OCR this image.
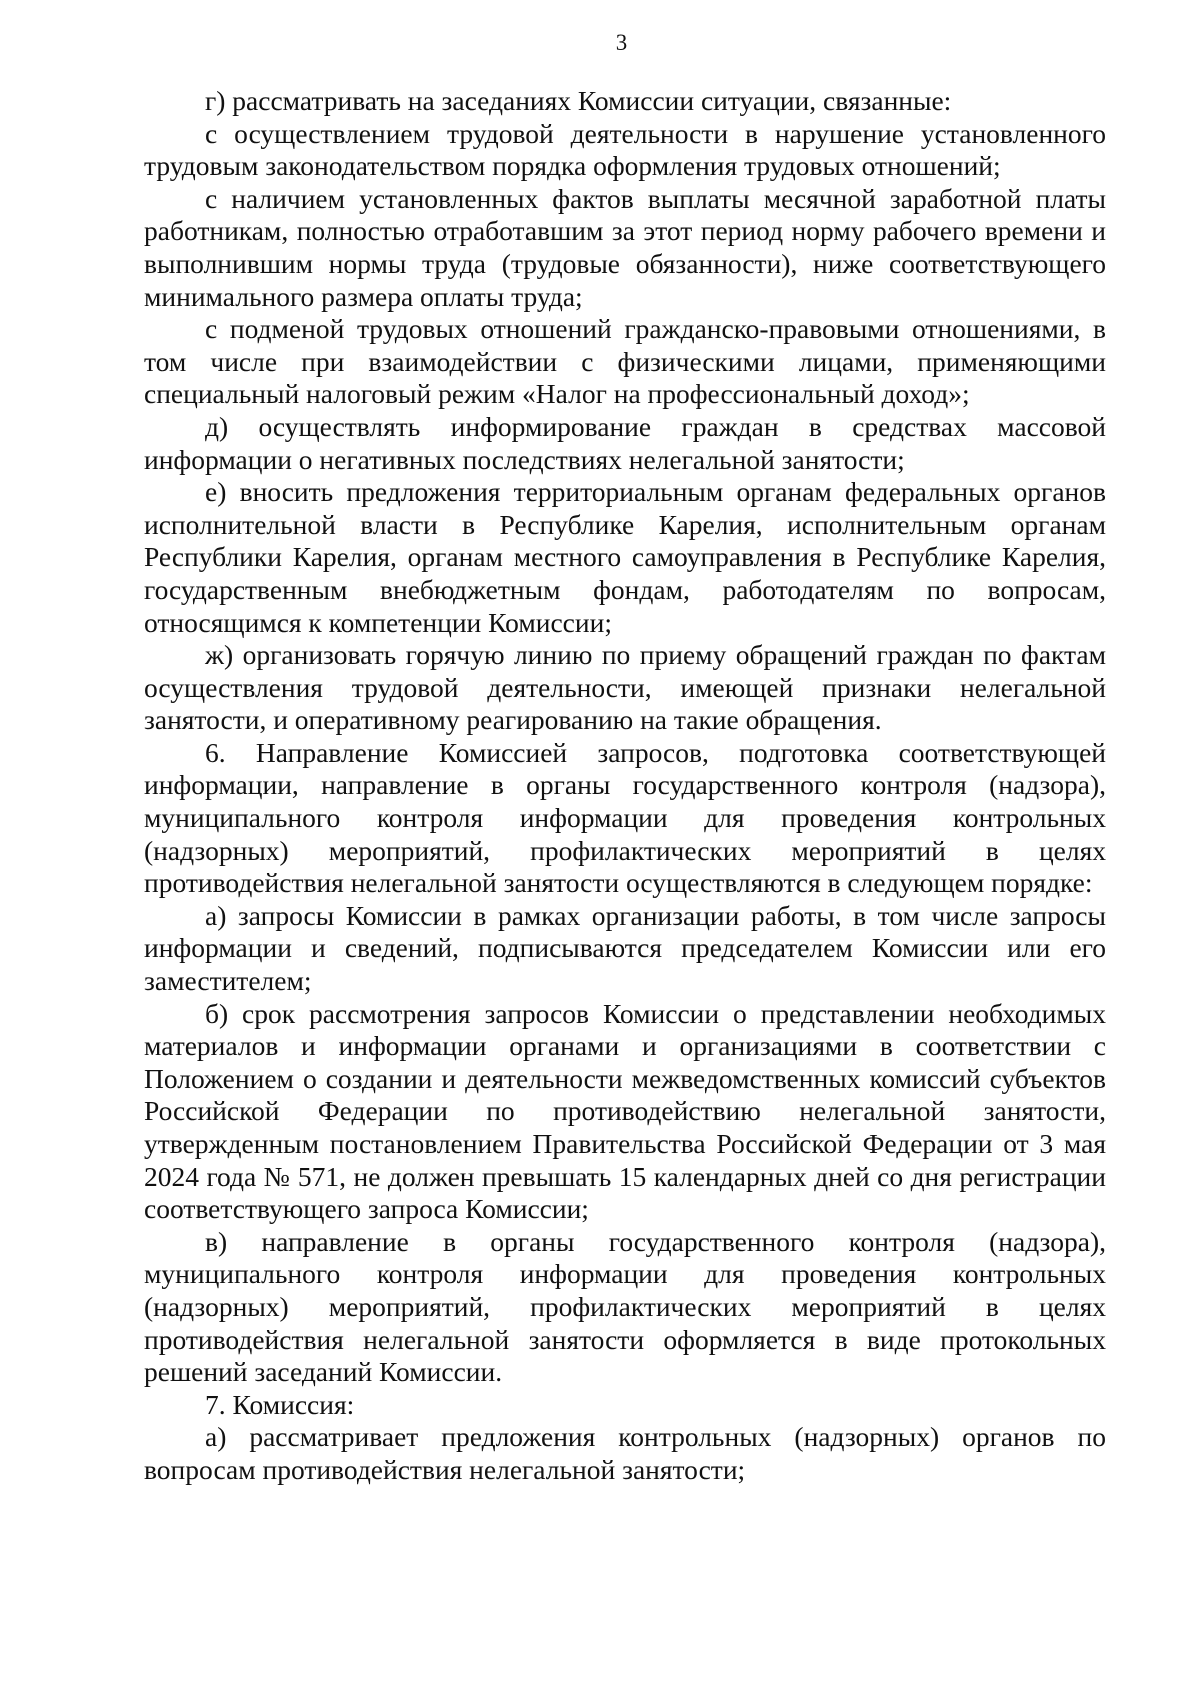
3

г) рассматривать на заседаниях Комиссии ситуации, связанные:

с осуществлением трудовой деятельности в нарушение установленного трудовым законодательством порядка оформления трудовых отношений;

с наличием установленных фактов выплаты месячной заработной платы работникам, полностью отработавшим за этот период норму рабочего времени и выполнившим нормы труда (трудовые обязанности), ниже соответствующего минимального размера оплаты труда;

с подменой трудовых отношений гражданско-правовыми отношениями, в том числе при взаимодействии с физическими лицами, применяющими специальный налоговый режим «Налог на профессиональный доход»;

д) осуществлять информирование граждан в средствах массовой информации о негативных последствиях нелегальной занятости;

е) вносить предложения территориальным органам федеральных органов исполнительной власти в Республике Карелия, исполнительным органам Республики Карелия, органам местного самоуправления в Республике Карелия, государственным внебюджетным фондам, работодателям по вопросам, относящимся к компетенции Комиссии;

ж) организовать горячую линию по приему обращений граждан по фактам осуществления трудовой деятельности, имеющей признаки нелегальной занятости, и оперативному реагированию на такие обращения.

6. Направление Комиссией запросов, подготовка соответствующей информации, направление в органы государственного контроля (надзора), муниципального контроля информации для проведения контрольных (надзорных) мероприятий, профилактических мероприятий в целях противодействия нелегальной занятости осуществляются в следующем порядке:

а) запросы Комиссии в рамках организации работы, в том числе запросы информации и сведений, подписываются председателем Комиссии или его заместителем;

б) срок рассмотрения запросов Комиссии о представлении необходимых материалов и информации органами и организациями в соответствии с Положением о создании и деятельности межведомственных комиссий субъектов Российской Федерации по противодействию нелегальной занятости, утвержденным постановлением Правительства Российской Федерации от 3 мая 2024 года № 571, не должен превышать 15 календарных дней со дня регистрации соответствующего запроса Комиссии;

в) направление в органы государственного контроля (надзора), муниципального контроля информации для проведения контрольных (надзорных) мероприятий, профилактических мероприятий в целях противодействия нелегальной занятости оформляется в виде протокольных решений заседаний Комиссии.

7. Комиссия:

а) рассматривает предложения контрольных (надзорных) органов по вопросам противодействия нелегальной занятости;
